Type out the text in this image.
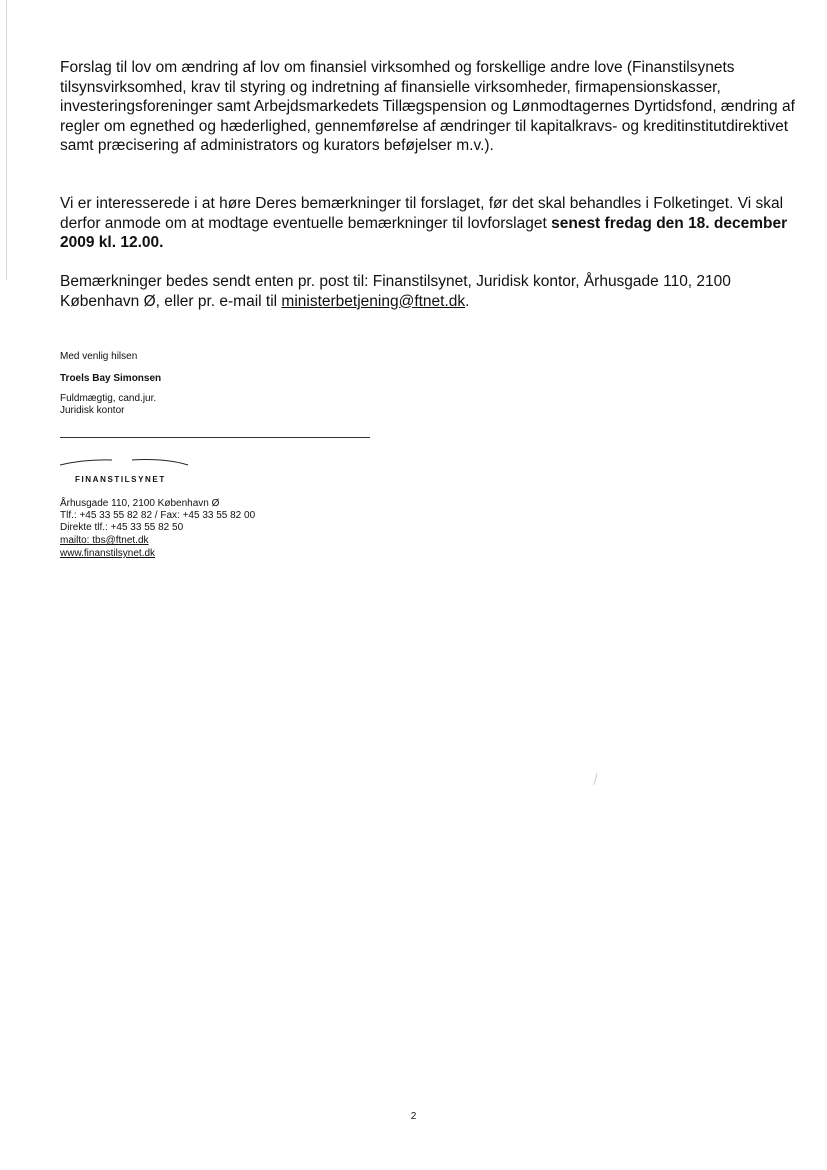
Forslag til lov om ændring af lov om finansiel virksomhed og forskellige andre love (Finanstilsynets tilsynsvirksomhed, krav til styring og indretning af finansielle virksomheder, firmapensionskasser, investeringsforeninger samt Arbejdsmarkedets Tillægspension og Lønmodtagernes Dyrtidsfond, ændring af regler om egnethed og hæderlighed, gennemførelse af ændringer til kapitalkravs- og kreditinstitutdirektivet samt præcisering af administrators og kurators beføjelser m.v.).

Vi er interesserede i at høre Deres bemærkninger til forslaget, før det skal behandles i Folketinget. Vi skal derfor anmode om at modtage eventuelle bemærkninger til lovforslaget senest fredag den 18. december 2009 kl. 12.00.

Bemærkninger bedes sendt enten pr. post til: Finanstilsynet, Juridisk kontor, Århusgade 110, 2100 København Ø, eller pr. e-mail til ministerbetjening@ftnet.dk.

Med venlig hilsen

Troels Bay Simonsen

Fuldmægtig, cand.jur.

Juridisk kontor

FINANSTILSYNET

Århusgade 110, 2100 København Ø

Tlf.: +45 33 55 82 82 / Fax: +45 33 55 82 00

Direkte tlf.: +45 33 55 82 50

mailto: tbs@ftnet.dk
www.finanstilsynet.dk
2
